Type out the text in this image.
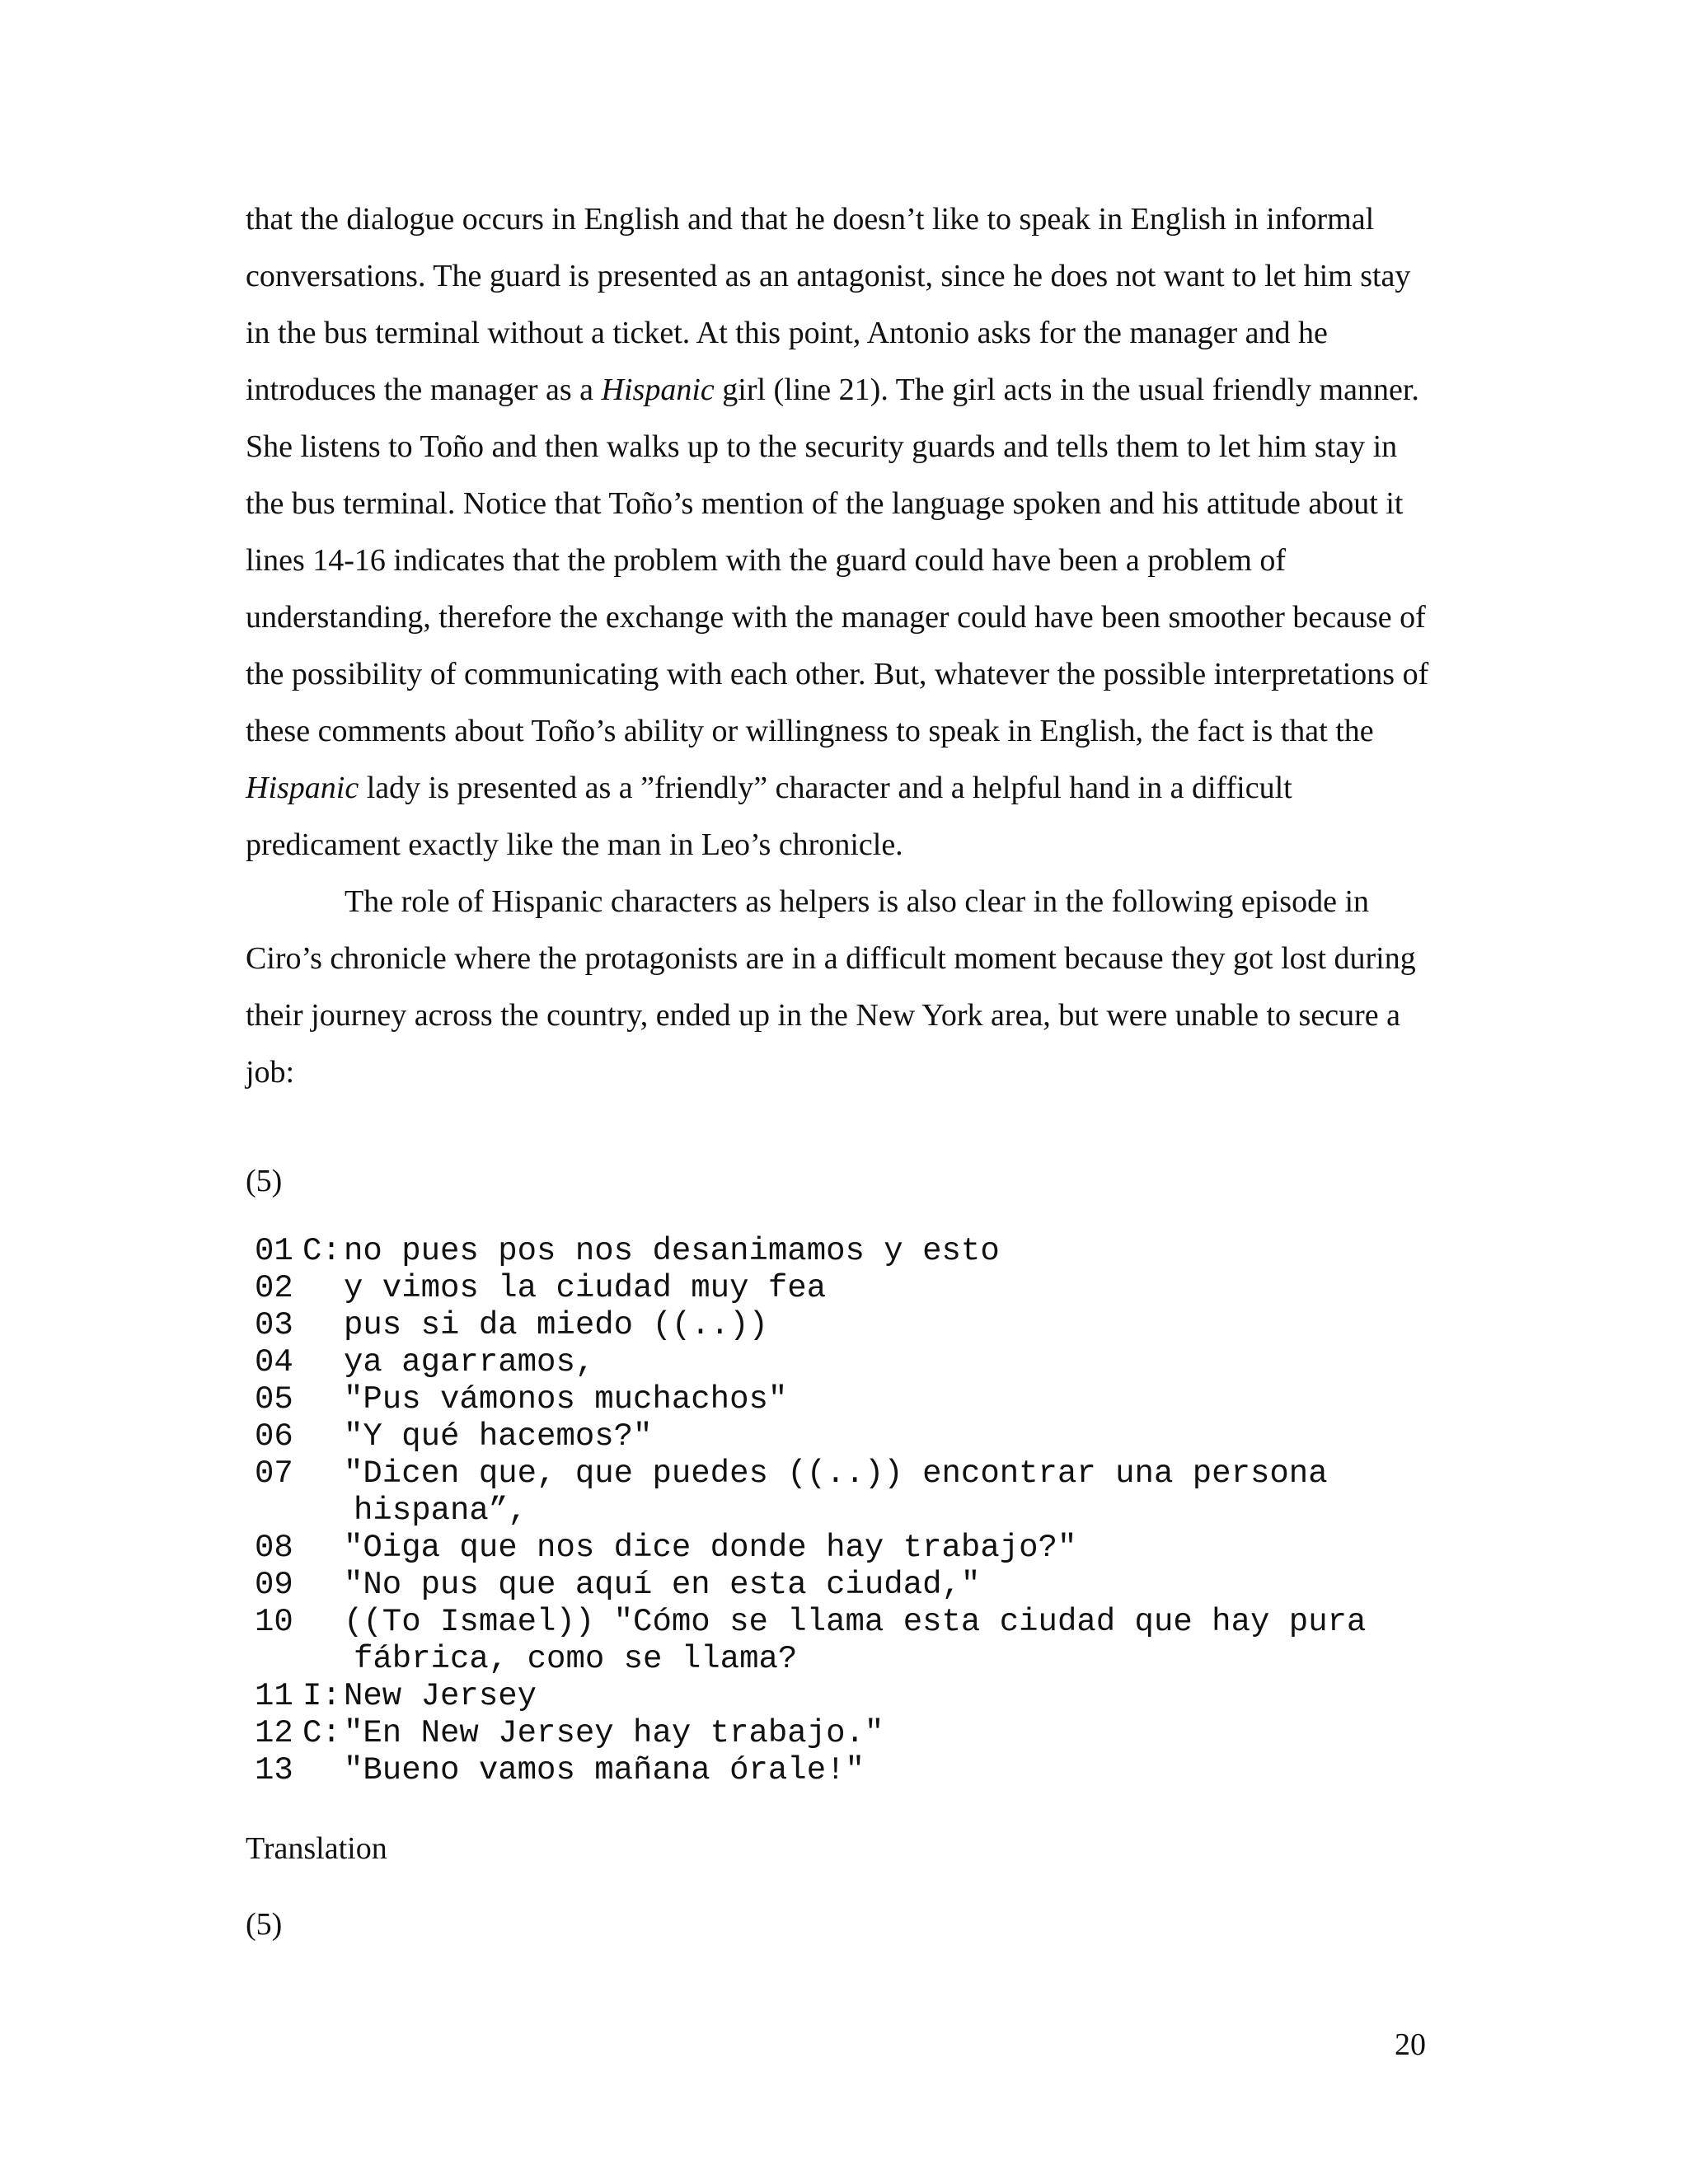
that the dialogue occurs in English and that he doesn’t like to speak in English in informal conversations. The guard is presented as an antagonist, since he does not want to let him stay in the bus terminal without a ticket. At this point, Antonio asks for the manager and he introduces the manager as a Hispanic girl (line 21). The girl acts in the usual friendly manner. She listens to Toño and then walks up to the security guards and tells them to let him stay in the bus terminal. Notice that Toño’s mention of the language spoken and his attitude about it lines 14-16 indicates that the problem with the guard could have been a problem of understanding, therefore the exchange with the manager could have been smoother because of the possibility of communicating with each other. But, whatever the possible interpretations of these comments about Toño’s ability or willingness to speak in English, the fact is that the Hispanic lady is presented as a ”friendly” character and a helpful hand in a difficult predicament exactly like the man in Leo’s chronicle.

The role of Hispanic characters as helpers is also clear in the following episode in Ciro’s chronicle where the protagonists are in a difficult moment because they got lost during their journey across the country, ended up in the New York area, but were unable to secure a job:

(5)
01 C: no pues pos nos desanimamos y esto
02 y vimos la ciudad muy fea
03 pus si da miedo ((..))
04 ya agarramos,
05 "Pus vámonos muchachos"
06 "Y qué hacemos?"
07 "Dicen que, que puedes ((..)) encontrar una persona
hispana”,
08 "Oiga que nos dice donde hay trabajo?"
09 "No pus que aquí en esta ciudad,"
10 ((To Ismael)) "Cómo se llama esta ciudad que hay pura
fábrica, como se llama?
11 I: New Jersey
12 C: "En New Jersey hay trabajo."
13 "Bueno vamos mañana órale!"
Translation
(5)
20
